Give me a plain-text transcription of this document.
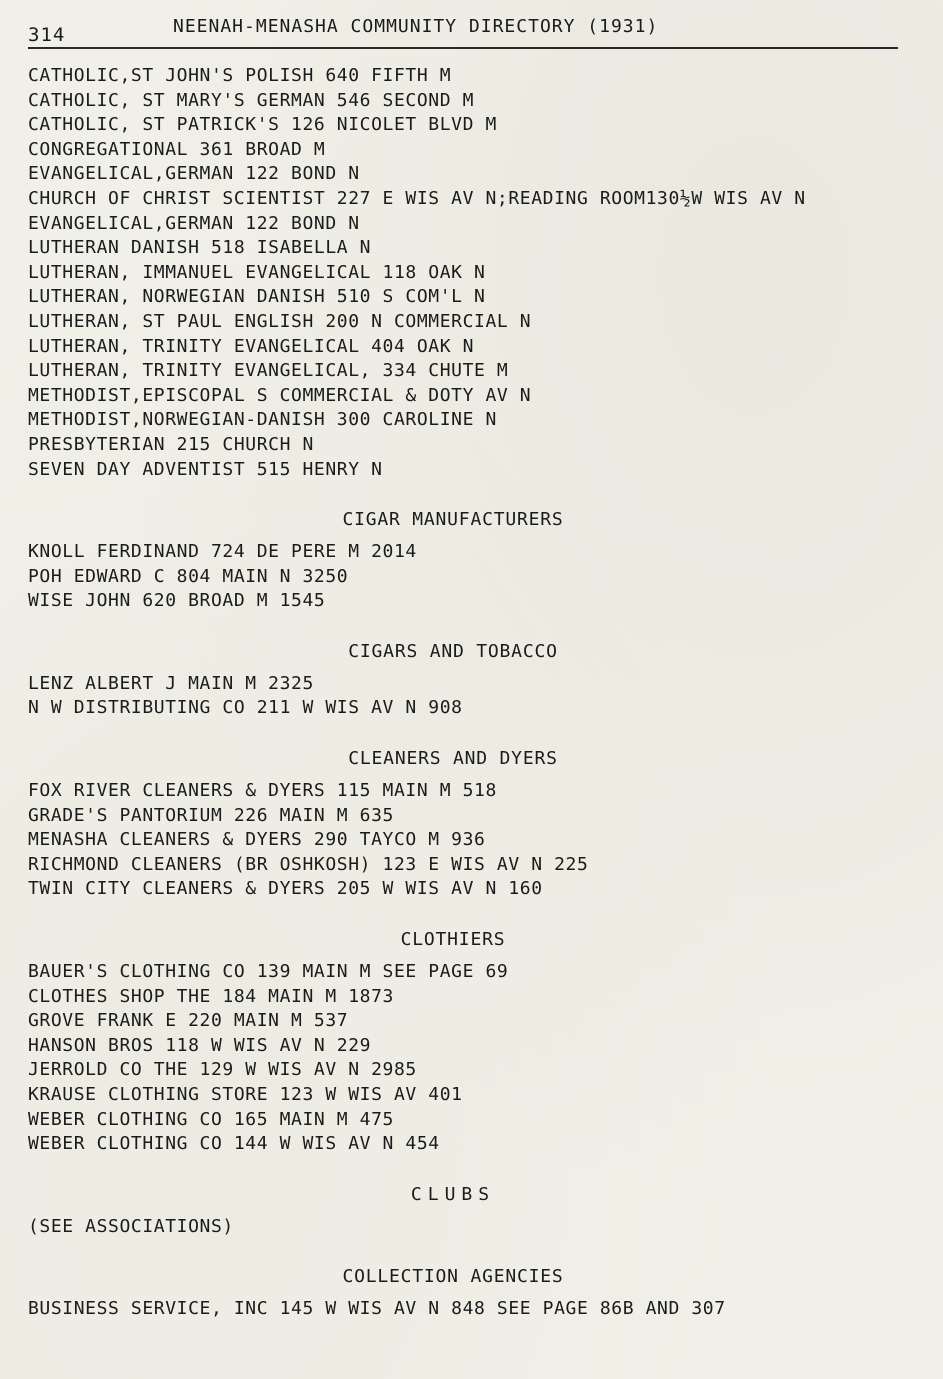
314	NEENAH-MENASHA COMMUNITY DIRECTORY (1931)
CATHOLIC,ST JOHN'S POLISH 640 FIFTH M
CATHOLIC, ST MARY'S GERMAN 546 SECOND M
CATHOLIC, ST PATRICK'S 126 NICOLET BLVD M
CONGREGATIONAL 361 BROAD M
EVANGELICAL,GERMAN 122 BOND N
CHURCH OF CHRIST SCIENTIST 227 E WIS AV N;READING ROOM130½W WIS AV N
EVANGELICAL,GERMAN 122 BOND N
LUTHERAN DANISH 518 ISABELLA N
LUTHERAN, IMMANUEL EVANGELICAL 118 OAK N
LUTHERAN, NORWEGIAN DANISH 510 S COM'L N
LUTHERAN, ST PAUL ENGLISH 200 N COMMERCIAL N
LUTHERAN, TRINITY EVANGELICAL 404 OAK N
LUTHERAN, TRINITY EVANGELICAL, 334 CHUTE M
METHODIST,EPISCOPAL S COMMERCIAL & DOTY AV N
METHODIST,NORWEGIAN-DANISH 300 CAROLINE N
PRESBYTERIAN 215 CHURCH N
SEVEN DAY ADVENTIST 515 HENRY N
CIGAR MANUFACTURERS
KNOLL FERDINAND 724 DE PERE M 2014
POH EDWARD C 804 MAIN N 3250
WISE JOHN 620 BROAD M 1545
CIGARS AND TOBACCO
LENZ ALBERT J MAIN M 2325
N W DISTRIBUTING CO 211 W WIS AV N 908
CLEANERS AND DYERS
FOX RIVER CLEANERS & DYERS 115 MAIN M 518
GRADE'S PANTORIUM 226 MAIN M 635
MENASHA CLEANERS & DYERS 290 TAYCO M 936
RICHMOND CLEANERS (BR OSHKOSH) 123 E WIS AV N 225
TWIN CITY CLEANERS & DYERS 205 W WIS AV N 160
CLOTHIERS
BAUER'S CLOTHING CO 139 MAIN M SEE PAGE 69
CLOTHES SHOP THE 184 MAIN M 1873
GROVE FRANK E 220 MAIN M 537
HANSON BROS 118 W WIS AV N 229
JERROLD CO THE 129 W WIS AV N 2985
KRAUSE CLOTHING STORE 123 W WIS AV 401
WEBER CLOTHING CO 165 MAIN M 475
WEBER CLOTHING CO 144 W WIS AV N 454
CLUBS
(SEE ASSOCIATIONS)
COLLECTION AGENCIES
BUSINESS SERVICE, INC 145 W WIS AV N 848 SEE PAGE 86B AND 307
